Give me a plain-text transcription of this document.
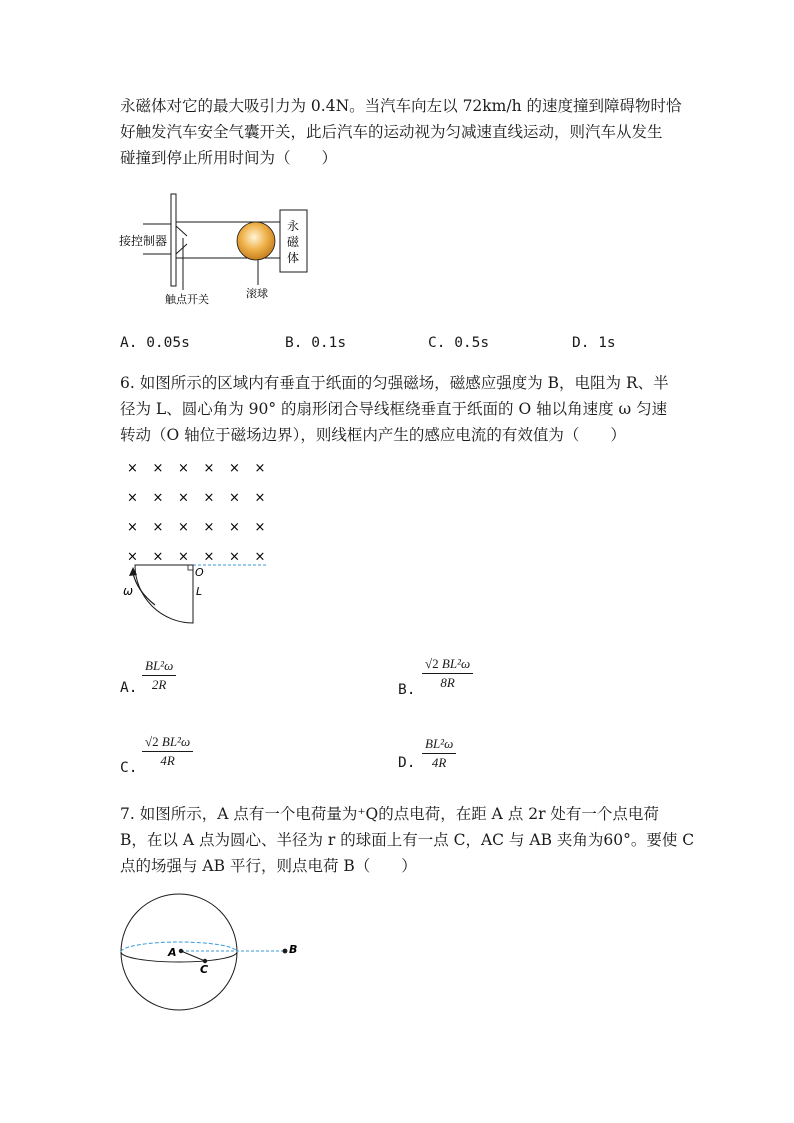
永磁体对它的最大吸引力为 0.4N。当汽车向左以 72km/h 的速度撞到障碍物时恰
好触发汽车安全气囊开关，此后汽车的运动视为匀减速直线运动，则汽车从发生
碰撞到停止所用时间为（　　）
接控制器
永
磁
体
触点开关	滚球
A. 0.05s	B. 0.1s	C. 0.5s	D. 1s
6. 如图所示的区域内有垂直于纸面的匀强磁场，磁感应强度为 B，电阻为 R、半
径为 L、圆心角为 90° 的扇形闭合导线框绕垂直于纸面的 O 轴以角速度 ω 匀速
转动（O 轴位于磁场边界），则线框内产生的感应电流的有效值为（　　）
× × × × × ×
× × × × × ×
× × × × × ×
× × × × × ×
O
L
ω
A. $\frac{\text{BL²ω}}{2R}$	B. $\frac{\text{√2 BL²ω}}{8R}$
C. $\frac{\text{√2 BL²ω}}{4R}$	D. $\frac{\text{BL²ω}}{4R}$
7. 如图所示，A 点有一个电荷量为⁺Q的点电荷，在距 A 点 2r 处有一个点电荷
B，在以 A 点为圆心、半径为 r 的球面上有一点 C，AC 与 AB 夹角为60°。要使 C
点的场强与 AB 平行，则点电荷 B（　　）
A
C
B
